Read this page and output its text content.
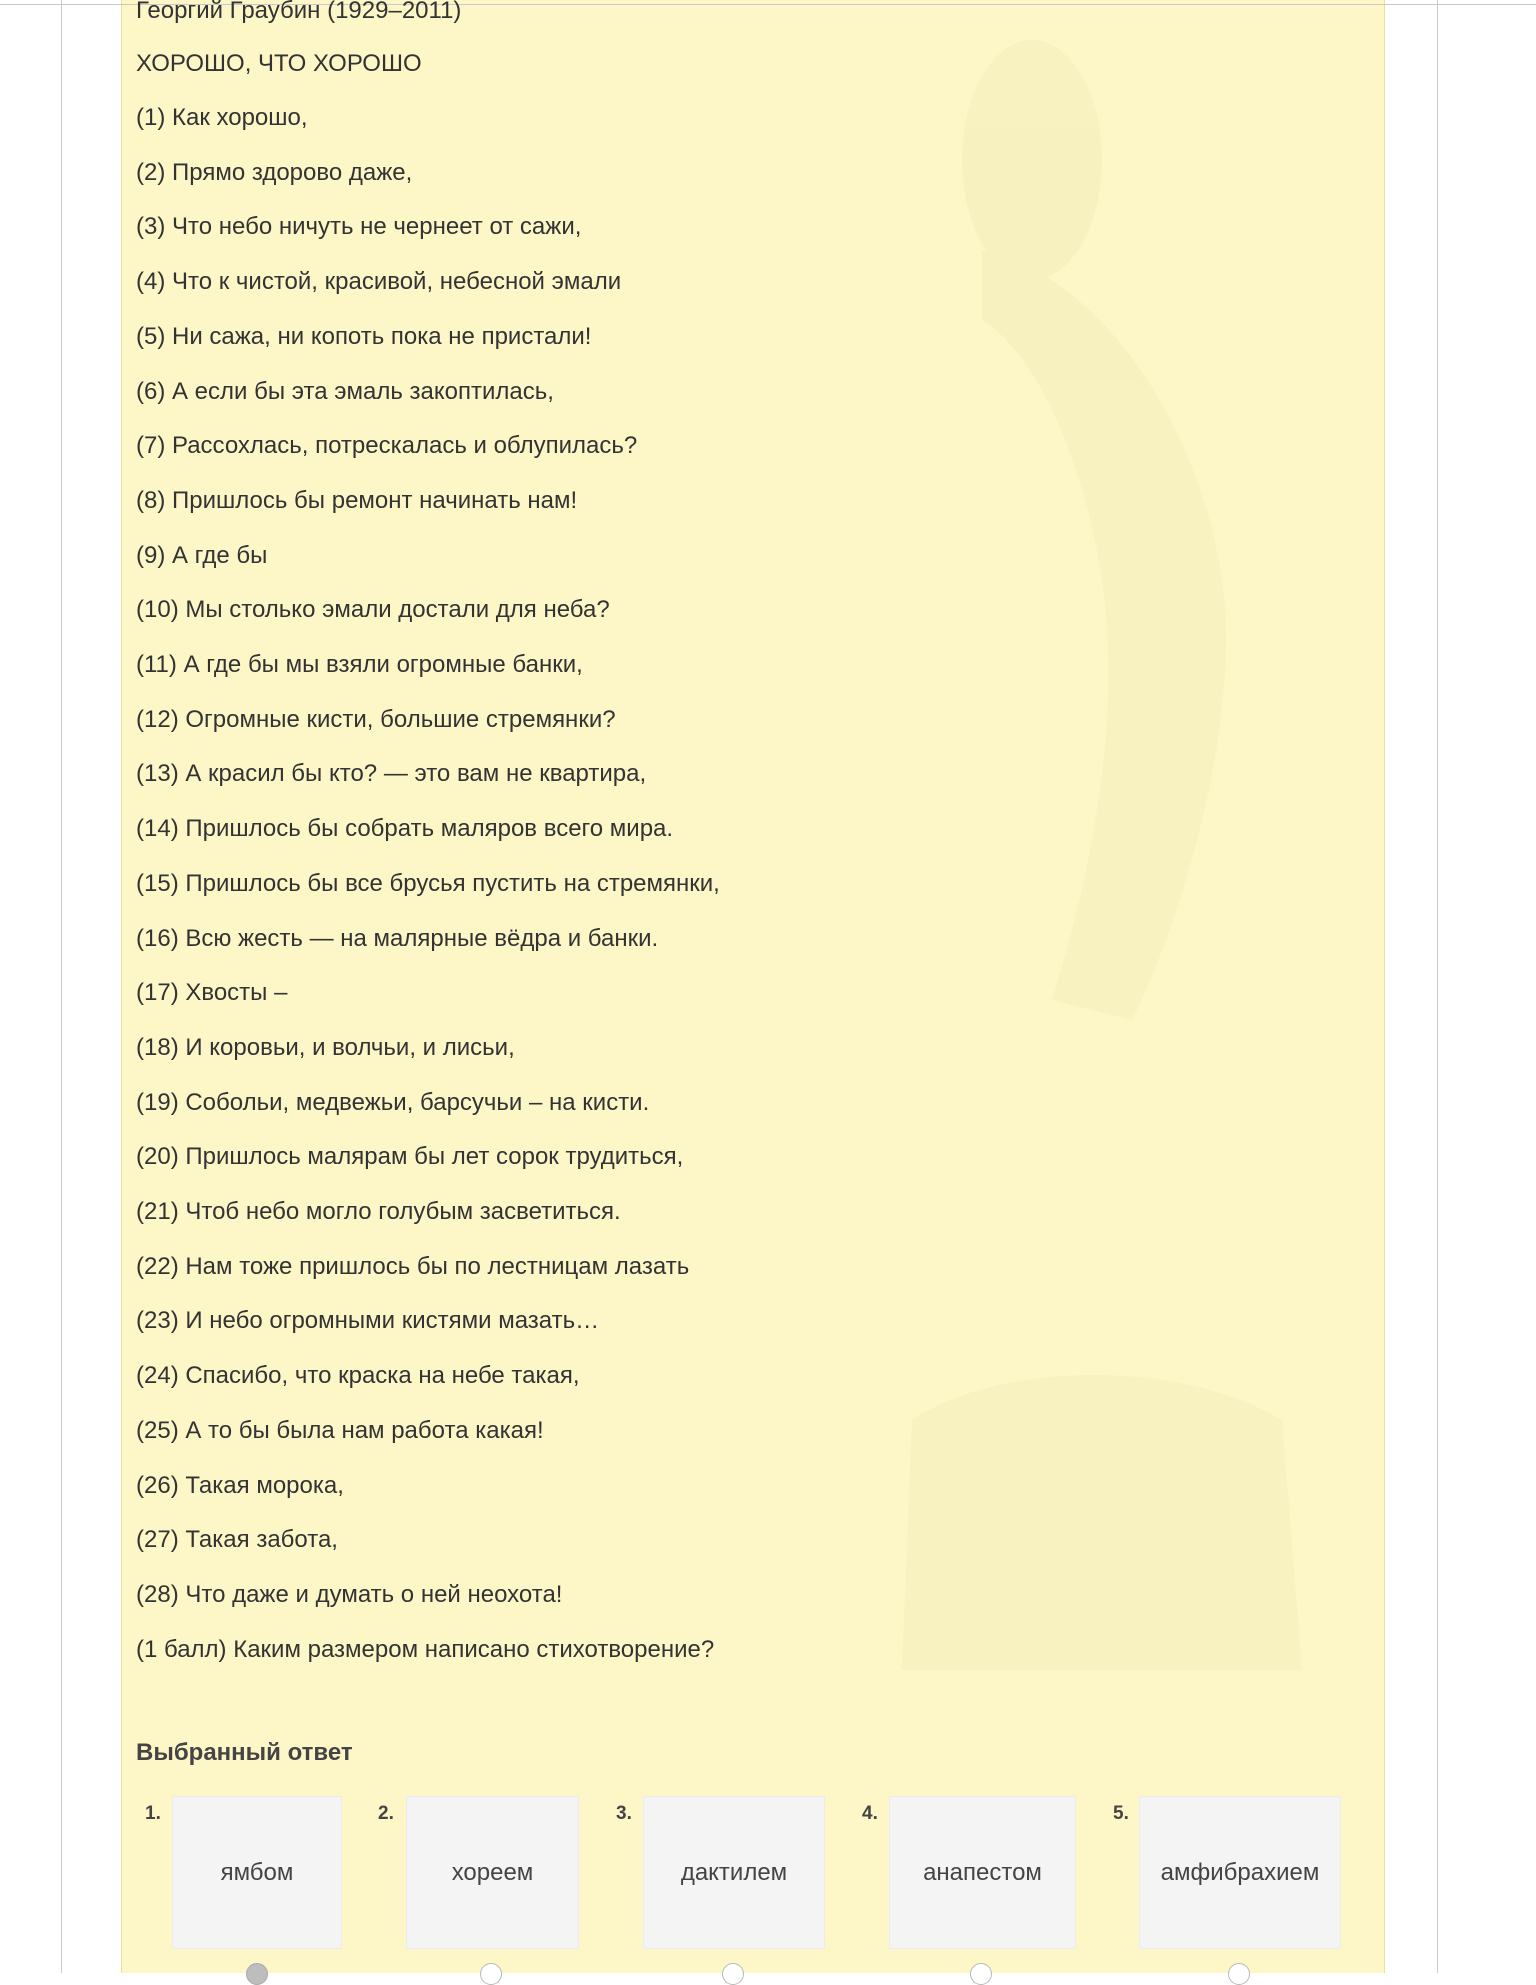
Георгий Граубин (1929–2011)
ХОРОШО, ЧТО ХОРОШО
(1) Как хорошо,
(2) Прямо здорово даже,
(3) Что небо ничуть не чернеет от сажи,
(4) Что к чистой, красивой, небесной эмали
(5) Ни сажа, ни копоть пока не пристали!
(6) А если бы эта эмаль закоптилась,
(7) Рассохлась, потрескалась и облупилась?
(8) Пришлось бы ремонт начинать нам!
(9) А где бы
(10) Мы столько эмали достали для неба?
(11) А где бы мы взяли огромные банки,
(12) Огромные кисти, большие стремянки?
(13) А красил бы кто? — это вам не квартира,
(14) Пришлось бы собрать маляров всего мира.
(15) Пришлось бы все брусья пустить на стремянки,
(16) Всю жесть — на малярные вёдра и банки.
(17) Хвосты –
(18) И коровьи, и волчьи, и лисьи,
(19) Собольи, медвежьи, барсучьи – на кисти.
(20) Пришлось малярам бы лет сорок трудиться,
(21) Чтоб небо могло голубым засветиться.
(22) Нам тоже пришлось бы по лестницам лазать
(23) И небо огромными кистями мазать…
(24) Спасибо, что краска на небе такая,
(25) А то бы была нам работа какая!
(26) Такая морока,
(27) Такая забота,
(28) Что даже и думать о ней неохота!
(1 балл) Каким размером написано стихотворение?
Выбранный ответ
1.
ямбом
2.
хореем
3.
дактилем
4.
анапестом
5.
амфибрахием
